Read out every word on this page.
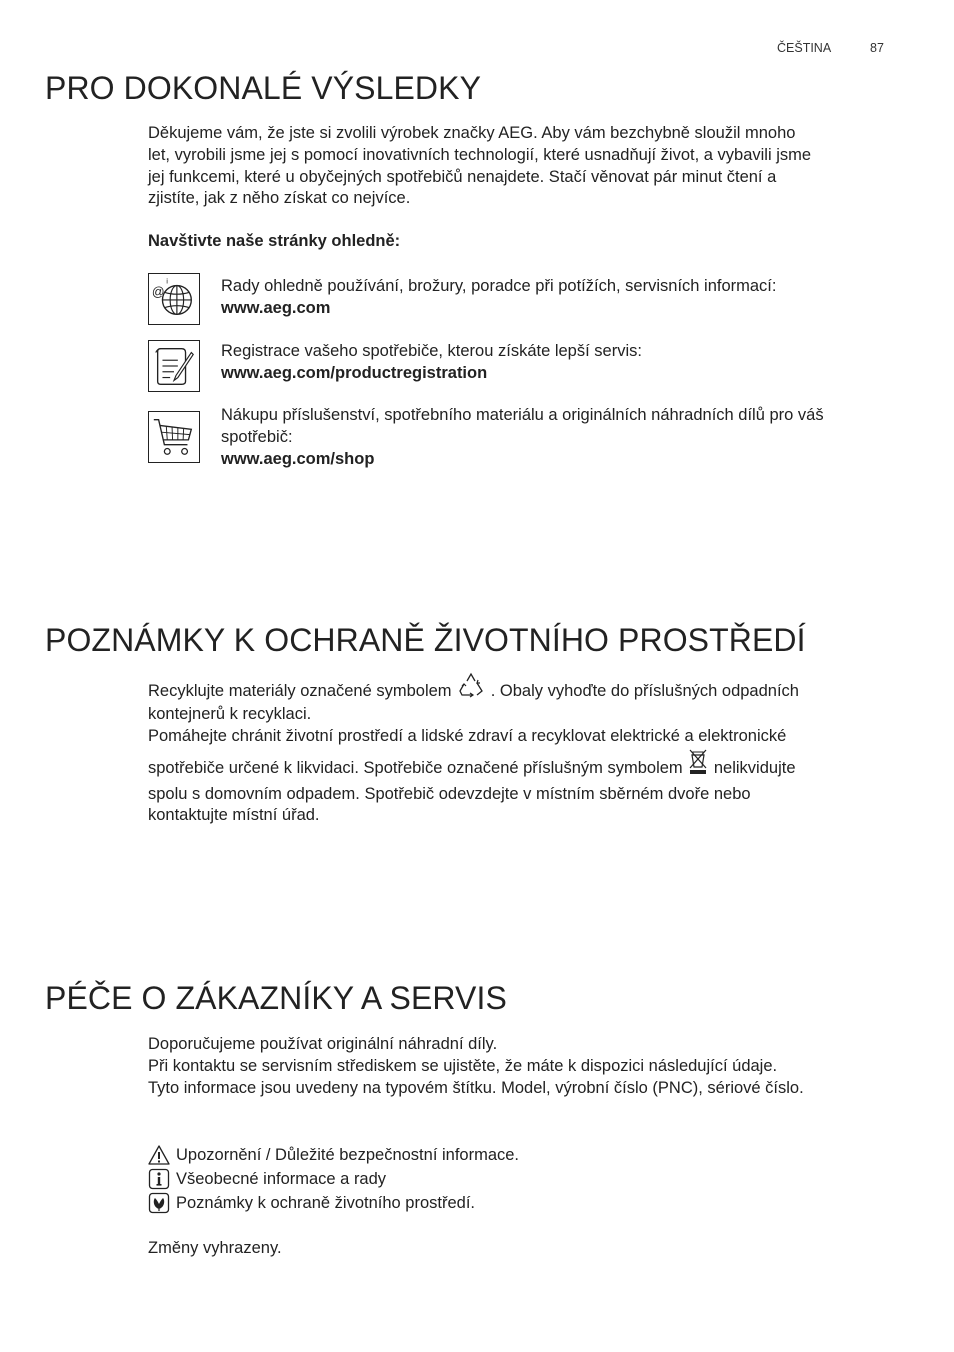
ČEŠTINA	87
PRO DOKONALÉ VÝSLEDKY

Děkujeme vám, že jste si zvolili výrobek značky AEG. Aby vám bezchybně sloužil mnoho

let, vyrobili jsme jej s pomocí inovativních technologií, které usnadňují život, a vybavili jsme

jej funkcemi, které u obyčejných spotřebičů nenajdete. Stačí věnovat pár minut čtení a

zjistíte, jak z něho získat co nejvíce.

Navštivte naše stránky ohledně:
@
i	Rady ohledně používání, brožury, poradce při potížích, servisních informací:

www.aeg.com

Registrace vašeho spotřebiče, kterou získáte lepší servis:

www.aeg.com/productregistration

Nákupu příslušenství, spotřebního materiálu a originálních náhradních dílů pro váš

spotřebič:

www.aeg.com/shop

POZNÁMKY K OCHRANĚ ŽIVOTNÍHO PROSTŘEDÍ

Recyklujte materiály označené symbolem . Obaly vyhoďte do příslušných odpadních

kontejnerů k recyklaci.

Pomáhejte chránit životní prostředí a lidské zdraví a recyklovat elektrické a elektronické

spotřebiče určené k likvidaci. Spotřebiče označené příslušným symbolem nelikvidujte

spolu s domovním odpadem. Spotřebič odevzdejte v místním sběrném dvoře nebo

kontaktujte místní úřad.

PÉČE O ZÁKAZNÍKY A SERVIS

Doporučujeme používat originální náhradní díly.

Při kontaktu se servisním střediskem se ujistěte, že máte k dispozici následující údaje.

Tyto informace jsou uvedeny na typovém štítku. Model, výrobní číslo (PNC), sériové číslo.

Upozornění / Důležité bezpečnostní informace.
Všeobecné informace a rady
Poznámky k ochraně životního prostředí.
Změny vyhrazeny.
